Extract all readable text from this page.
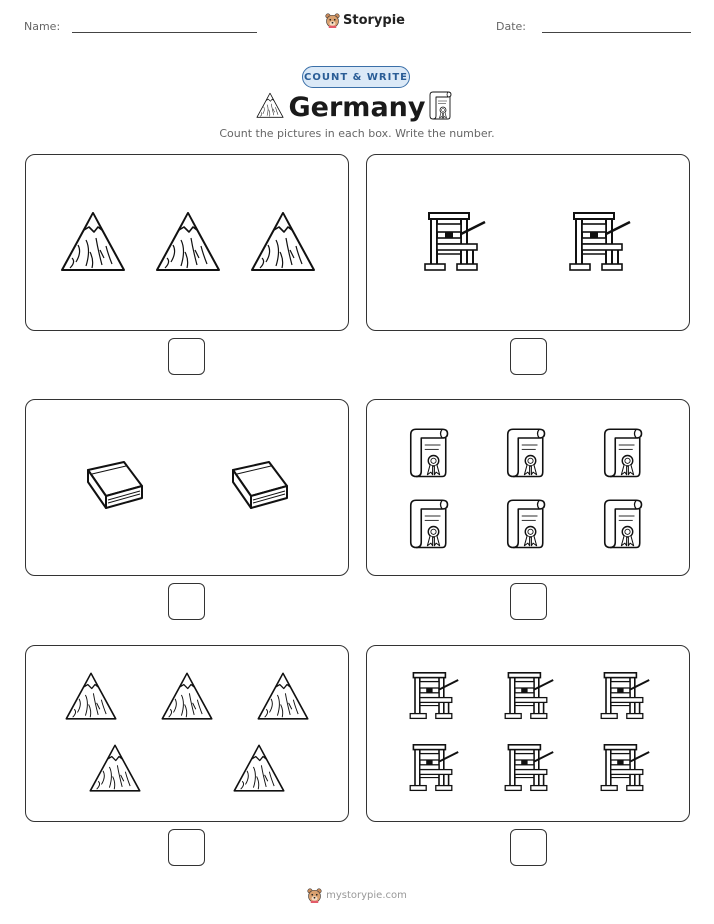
Name:	Storypie	Date:
COUNT & WRITE
Germany
Count the pictures in each box. Write the number.
mystorypie.com
